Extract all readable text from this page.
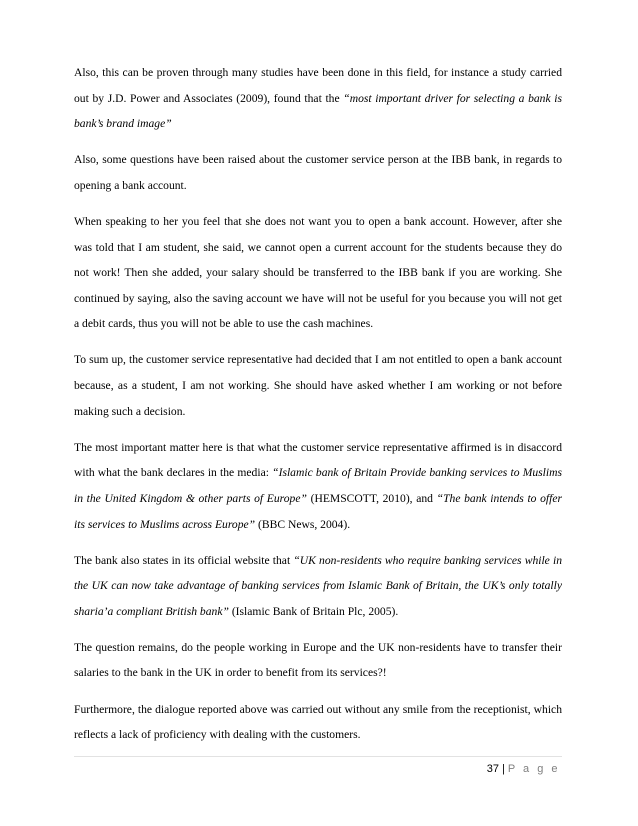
Also, this can be proven through many studies have been done in this field, for instance a study carried out by J.D. Power and Associates (2009), found that the “most important driver for selecting a bank is bank’s brand image”

Also, some questions have been raised about the customer service person at the IBB bank, in regards to opening a bank account.

When speaking to her you feel that she does not want you to open a bank account. However, after she was told that I am student, she said, we cannot open a current account for the students because they do not work! Then she added, your salary should be transferred to the IBB bank if you are working. She continued by saying, also the saving account we have will not be useful for you because you will not get a debit cards, thus you will not be able to use the cash machines.

To sum up, the customer service representative had decided that I am not entitled to open a bank account because, as a student, I am not working. She should have asked whether I am working or not before making such a decision.

The most important matter here is that what the customer service representative affirmed is in disaccord with what the bank declares in the media: “Islamic bank of Britain Provide banking services to Muslims in the United Kingdom & other parts of Europe” (HEMSCOTT, 2010), and “The bank intends to offer its services to Muslims across Europe” (BBC News, 2004).

The bank also states in its official website that “UK non-residents who require banking services while in the UK can now take advantage of banking services from Islamic Bank of Britain, the UK’s only totally sharia’a compliant British bank” (Islamic Bank of Britain Plc, 2005).

The question remains, do the people working in Europe and the UK non-residents have to transfer their salaries to the bank in the UK in order to benefit from its services?!

Furthermore, the dialogue reported above was carried out without any smile from the receptionist, which reflects a lack of proficiency with dealing with the customers.

37 | P a g e
